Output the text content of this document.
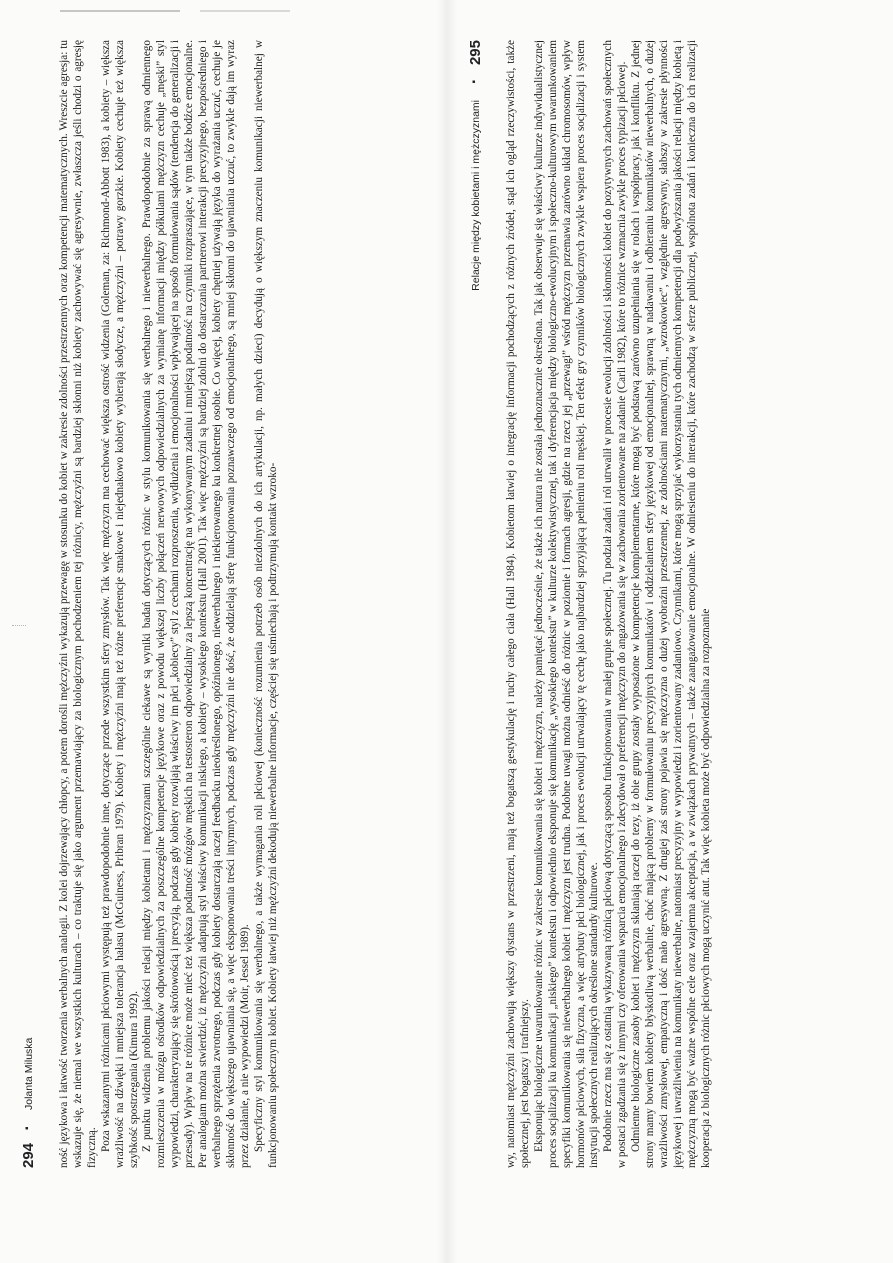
294
▪
Jolanta Miluska ność językowa i łatwość tworzenia werbalnych analogii. Z kolei dojrzewający chłopcy, a potem dorośli mężczyźni wykazują przewagę w stosunku do kobiet w zakresie zdolności przestrzennych oraz kompetencji matematycznych. Wreszcie agresja: tu wskazuje się, że niemal we wszystkich kulturach – co traktuje się jako argument przemawiający za biologicznym pochodzeniem tej różnicy, mężczyźni są bardziej skłonni niż kobiety zachowywać się agresywnie, zwłaszcza jeśli chodzi o agresję fizyczną. Poza wskazanymi różnicami płciowymi występują też prawdopodobnie inne, dotyczące przede wszystkim sfery zmysłów. Tak więc mężczyzn ma cechować większa ostrość widzenia (Goleman, za: Richmond-Abbott 1983), a kobiety – większa wrażliwość na dźwięki i mniejsza tolerancja hałasu (McGuiness, Pribran 1979). Kobiety i mężczyźni mają też różne preferencje smakowe i niejednakowo kobiety wybierają słodycze, a mężczyźni – potrawy gorzkie. Kobiety cechuje też większa szybkość spostrzegania (Kimura 1992). Z punktu widzenia problemu jakości relacji między kobietami i mężczyznami szczególnie ciekawe są wyniki badań dotyczących różnic w stylu komunikowania się werbalnego i niewerbalnego. Prawdopodobnie za sprawą odmiennego rozmieszczenia w mózgu ośrodków odpowiedzialnych za poszczególne kompetencje językowe oraz z powodu większej liczby połączeń nerwowych odpowiedzialnych za wymianę informacji między półkulami mężczyzn cechuje „męski” styl wypowiedzi, charakteryzujący się skrótowością i precyzją, podczas gdy kobiety rozwijają właściwy im płci „kobiecy” styl z cechami rozproszenia, wydłużenia i emocjonalności wpływającej na sposób formułowania sądów (tendencja do generalizacji i przesady). Wpływ na te różnice może mieć też większa podatność mózgów męskich na testosteron odpowiedzialny za lepszą koncentrację na wykonywanym zadaniu i mniejszą podatność na czynniki rozpraszające, w tym także bodźce emocjonalne. Per analogiam można stwierdzić, iż mężczyźni adaptują styl właściwy komunikacji niskiego, a kobiety – wysokiego kontekstu (Hall 2001). Tak więc mężczyźni są bardziej zdolni do dostarczania partnerowi interakcji precyzyjnego, bezpośredniego i werbalnego sprzężenia zwrotnego, podczas gdy kobiety dostarczają raczej feedbacku nieokreślonego, opóźnionego, niewerbalnego i niekierowanego ku konkretnej osobie. Co więcej, kobiety chętniej używają języka do wyrażania uczuć, cechuje je skłonność do większego ujawniania się, a więc eksponowania treści intymnych, podczas gdy mężczyźni nie dość, że oddzielają sferę funkcjonowania poznawczego od emocjonalnego, są mniej skłonni do ujawniania uczuć, to zwykle dają im wyraz przez działanie, a nie wypowiedzi (Moir, Jessel 1989). Specyficzny styl komunikowania się werbalnego, a także wymagania roli płciowej (konieczność rozumienia potrzeb osób niezdolnych do ich artykulacji, np. małych dzieci) decydują o większym znaczeniu komunikacji niewerbalnej w funkcjonowaniu społecznym kobiet. Kobiety łatwiej niż mężczyźni dekodują niewerbalne informacje, częściej się uśmiechają i podtrzymują kontakt wzroko-

Relacje między kobietami i mężczyznami
▪
295 wy, natomiast mężczyźni zachowują większy dystans w przestrzeni, mają też bogatszą gestykulację i ruchy całego ciała (Hall 1984). Kobietom łatwiej o integrację informacji pochodzących z różnych źródeł, stąd ich ogląd rzeczywistości, także społecznej, jest bogatszy i trafniejszy. Eksponując biologiczne uwarunkowanie różnic w zakresie komunikowania się kobiet i mężczyzn, należy pamiętać jednocześnie, że także ich natura nie została jednoznacznie określona. Tak jak obserwuje się właściwy kulturze indywidualistycznej proces socjalizacji ku komunikacji „niskiego” kontekstu i odpowiednio eksponuje się komunikację „wysokiego kontekstu” w kulturze kolektywistycznej, tak i dyferencjacja między biologiczno-ewolucyjnym i społeczno-kulturowym uwarunkowaniem specyfiki komunikowania się niewerbalnego kobiet i mężczyzn jest trudna. Podobne uwagi można odnieść do różnic w poziomie i formach agresji, gdzie na rzecz jej „przewagi” wśród mężczyzn przemawia zarówno układ chromosomów, wpływ hormonów płciowych, siła fizyczna, a więc atrybuty płci biologicznej, jak i proces ewolucji utrwalający tę cechę jako najbardziej sprzyjającą pełnieniu roli męskiej. Ten efekt gry czynników biologicznych zwykle wspiera proces socjalizacji i system instytucji społecznych realizujących określone standardy kulturowe. Podobnie rzecz ma się z ostatnią wykazywaną różnicą płciową dotyczącą sposobu funkcjonowania w małej grupie społecznej. Tu podział zadań i ról utrwalił w procesie ewolucji zdolności i skłonności kobiet do pozytywnych zachowań społecznych w postaci zgadzania się z innymi czy oferowania wsparcia emocjonalnego i zdecydował o preferencji mężczyzn do angażowania się w zachowania zorientowane na zadanie (Carli 1982), które to różnice wzmacnia zwykle proces typizacji płciowej. Odmienne biologiczne zasoby kobiet i mężczyzn skłaniają raczej do tezy, iż obie grupy zostały wyposażone w kompetencje komplementarne, które mogą być podstawą zarówno uzupełniania się w rolach i współpracy, jak i konfliktu. Z jednej strony mamy bowiem kobiety błyskotliwą werbalnie, choć mającą problemy w formułowaniu precyzyjnych komunikatów i oddzielaniem sfery językowej od emocjonalnej, sprawną w nadawaniu i odbieraniu komunikatów niewerbalnych, o dużej wrażliwości zmysłowej, empatyczną i dość mało agresywną. Z drugiej zaś strony pojawia się mężczyzna o dużej wyobraźni przestrzennej, ze zdolnościami matematycznymi, „wzrokowiec”, względnie agresywny, słabszy w zakresie płynności językowej i uwrażliwienia na komunikaty niewerbalne, natomiast precyzyjny w wypowiedzi i zorientowany zadaniowo. Czynnikami, które mogą sprzyjać wykorzystaniu tych odmiennych kompetencji dla podwyższania jakości relacji między kobietą i mężczyzną mogą być ważne wspólne cele oraz wzajemna akceptacja, a w związkach prywatnych – także zaangażowanie emocjonalne. W odniesieniu do interakcji, które zachodzą w sferze publicznej, wspólnota zadań i konieczna do ich realizacji kooperacja z biologicznych różnic płciowych mogą uczynić atut. Tak więc kobieta może być odpowiedzialna za rozpoznanie
